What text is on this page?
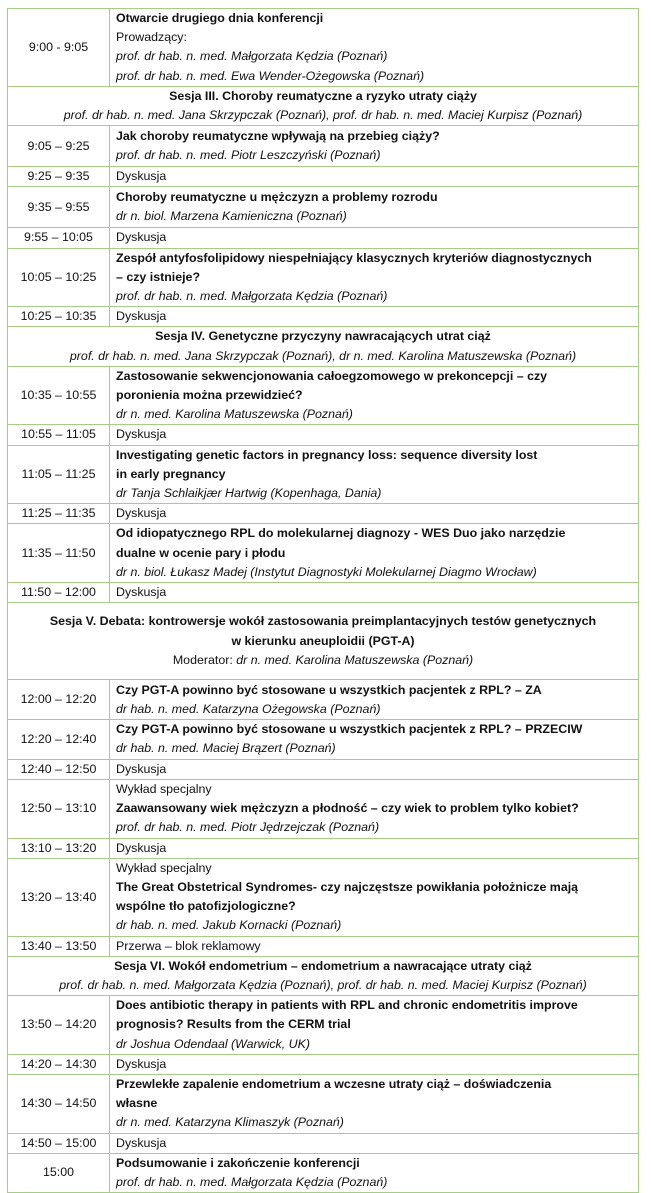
9:00 - 9:05	Otwarcie drugiego dnia konferencji
Prowadzący:
prof. dr hab. n. med. Małgorzata Kędzia (Poznań)
prof. dr hab. n. med. Ewa Wender-Ożegowska (Poznań)

Sesja III. Choroby reumatyczne a ryzyko utraty ciąży
prof. dr hab. n. med. Jana Skrzypczak (Poznań), prof. dr hab. n. med. Maciej Kurpisz (Poznań)	

9:05 – 9:25	Jak choroby reumatyczne wpływają na przebieg ciąży?
prof. dr hab. n. med. Piotr Leszczyński (Poznań)

9:25 – 9:35	Dyskusja

9:35 – 9:55	Choroby reumatyczne u mężczyzn a problemy rozrodu
dr n. biol. Marzena Kamieniczna (Poznań)

9:55 – 10:05	Dyskusja

10:05 – 10:25	Zespół antyfosfolipidowy niespełniający klasycznych kryteriów diagnostycznych
– czy istnieje?
prof. dr hab. n. med. Małgorzata Kędzia (Poznań)

10:25 – 10:35	Dyskusja

Sesja IV. Genetyczne przyczyny nawracających utrat ciąż
prof. dr hab. n. med. Jana Skrzypczak (Poznań), dr n. med. Karolina Matuszewska (Poznań)	

10:35 – 10:55	Zastosowanie sekwencjonowania całoegzomowego w prekoncepcji – czy
poronienia można przewidzieć?
dr n. med. Karolina Matuszewska (Poznań)

10:55 – 11:05	Dyskusja

11:05 – 11:25	Investigating genetic factors in pregnancy loss: sequence diversity lost
in early pregnancy
dr Tanja Schlaikjær Hartwig (Kopenhaga, Dania)

11:25 – 11:35	Dyskusja

11:35 – 11:50	Od idiopatycznego RPL do molekularnej diagnozy - WES Duo jako narzędzie
dualne w ocenie pary i płodu
dr n. biol. Łukasz Madej (Instytut Diagnostyki Molekularnej Diagmo Wrocław)

11:50 – 12:00	Dyskusja

Sesja V. Debata: kontrowersje wokół zastosowania preimplantacyjnych testów genetycznych
w kierunku aneuploidii (PGT-A)
Moderator: dr n. med. Karolina Matuszewska (Poznań)	

12:00 – 12:20	Czy PGT-A powinno być stosowane u wszystkich pacjentek z RPL? – ZA
dr hab. n. med. Katarzyna Ożegowska (Poznań)

12:20 – 12:40	Czy PGT-A powinno być stosowane u wszystkich pacjentek z RPL? – PRZECIW
dr hab. n. med. Maciej Brązert (Poznań)

12:40 – 12:50	Dyskusja

12:50 – 13:10	Wykład specjalny
Zaawansowany wiek mężczyzn a płodność – czy wiek to problem tylko kobiet?
prof. dr hab. n. med. Piotr Jędrzejczak (Poznań)

13:10 – 13:20	Dyskusja

13:20 – 13:40	Wykład specjalny
The Great Obstetrical Syndromes- czy najczęstsze powikłania położnicze mają
wspólne tło patofizjologiczne?
dr hab. n. med. Jakub Kornacki (Poznań)

13:40 – 13:50	Przerwa – blok reklamowy

Sesja VI. Wokół endometrium – endometrium a nawracające utraty ciąż
prof. dr hab. n. med. Małgorzata Kędzia (Poznań), prof. dr hab. n. med. Maciej Kurpisz (Poznań)	

13:50 – 14:20	Does antibiotic therapy in patients with RPL and chronic endometritis improve
prognosis? Results from the CERM trial
dr Joshua Odendaal (Warwick, UK)

14:20 – 14:30	Dyskusja

14:30 – 14:50	Przewlekłe zapalenie endometrium a wczesne utraty ciąż – doświadczenia
własne
dr n. med. Katarzyna Klimaszyk (Poznań)

14:50 – 15:00	Dyskusja

15:00	Podsumowanie i zakończenie konferencji
prof. dr hab. n. med. Małgorzata Kędzia (Poznań)
